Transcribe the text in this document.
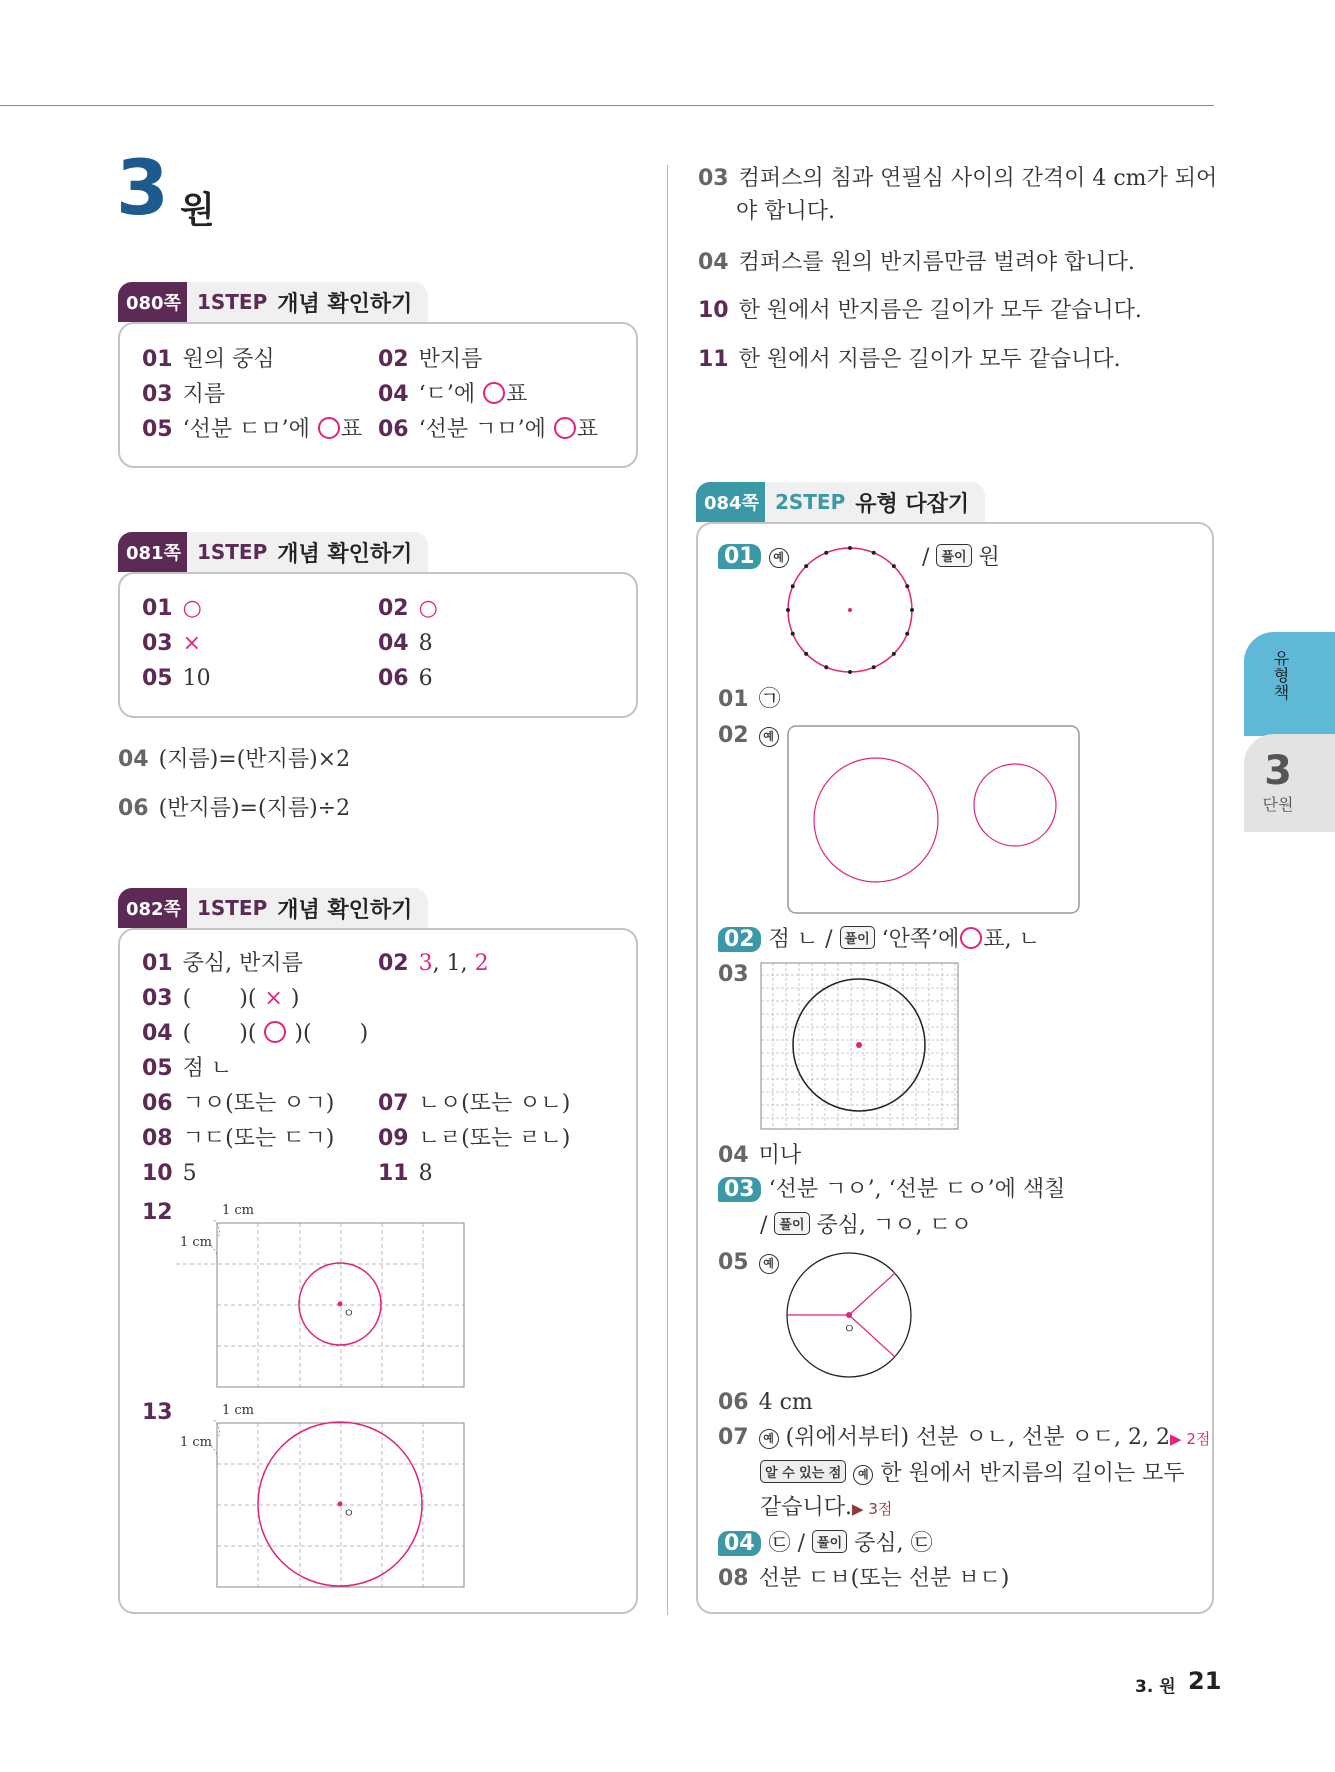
3 원
080쪽 1STEP 개념 확인하기
01 원의 중심	02 반지름
03 지름	04 ‘ㄷ’에 ○표
05 ‘선분 ㄷㅁ’에 ○표 06 ‘선분 ㄱㅁ’에 ○표
081쪽 1STEP 개념 확인하기
01 ○	02 ○
03 ×	04 8
05 10	06 6
04 (지름)=(반지름)×2
06 (반지름)=(지름)÷2
082쪽 1STEP 개념 확인하기
01 중심, 반지름	02 3, 1, 2
03 ( )( × )
04 ( )( ○ )( )
05 점 ㄴ
06 ㄱㅇ(또는 ㅇㄱ) 07 ㄴㅇ(또는 ㅇㄴ)
08 ㄱㄷ(또는 ㄷㄱ) 09 ㄴㄹ(또는 ㄹㄴ)
10 5	11 8
12	1 cm
1 cm
ㅇ
13	1 cm
1 cm
ㅇ
03 컴퍼스의 침과 연필심 사이의 간격이 4 cm가 되어
야 합니다.
04 컴퍼스를 원의 반지름만큼 벌려야 합니다.
10 한 원에서 반지름은 길이가 모두 같습니다.
11 한 원에서 지름은 길이가 모두 같습니다.
084쪽 2STEP 유형 다잡기
01 예	/ 풀이 원
01 ㉠
02 예
02 점 ㄴ / 풀이 ‘안쪽’에○표, ㄴ
03
04 미나
03 ‘선분 ㄱㅇ’, ‘선분 ㄷㅇ’에 색칠
/ 풀이 중심, ㄱㅇ, ㄷㅇ
05 예
ㅇ
06 4 cm
07 예 (위에서부터) 선분 ㅇㄴ, 선분 ㅇㄷ, 2, 2▶ 2점
알 수 있는 점 예 한 원에서 반지름의 길이는 모두
같습니다.▶ 3점
04 ㉢ / 풀이 중심, ㉢
08 선분 ㄷㅂ(또는 선분 ㅂㄷ)
유형책
3
단원
3. 원 21
